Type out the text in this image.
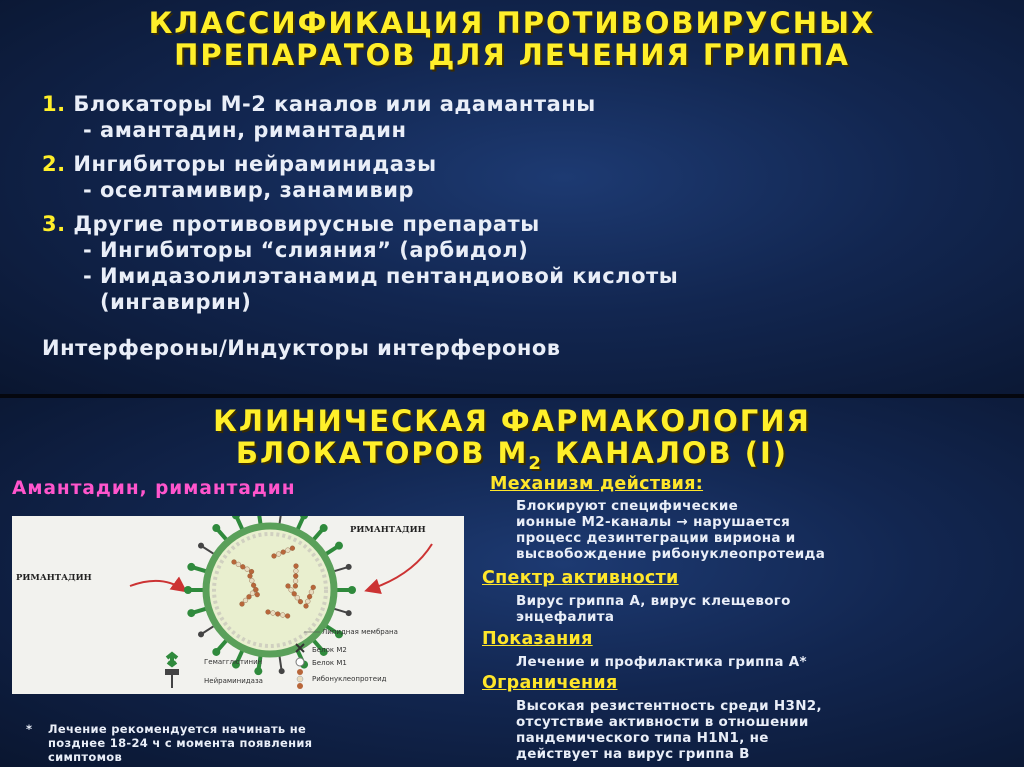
КЛАССИФИКАЦИЯ ПРОТИВОВИРУСНЫХ
ПРЕПАРАТОВ ДЛЯ ЛЕЧЕНИЯ ГРИППА
1. Блокаторы М-2 каналов или адамантаны
- амантадин, римантадин
2. Ингибиторы нейраминидазы
- оселтамивир, занамивир
3. Другие противовирусные препараты
- Ингибиторы “слияния” (арбидол)
- Имидазолилэтанамид пентандиовой кислоты
(ингавирин)
Интерфероны/Индукторы интерферонов
КЛИНИЧЕСКАЯ ФАРМАКОЛОГИЯ
БЛОКАТОРОВ $М_2$ КАНАЛОВ (I)
Амантадин, римантадин
РИМАНТАДИН
РИМАНТАДИН
Липидная мембрана
Гемагглютинин
Нейраминидаза
Белок М2
Белок М1
Рибонуклеопротеид
Механизм действия:
Блокируют специфические
ионные М2-каналы → нарушается
процесс дезинтеграции вириона и
высвобождение рибонуклеопротеида
Спектр активности
Вирус гриппа А, вирус клещевого
энцефалита
Показания
Лечение и профилактика гриппа А*
Ограничения
Высокая резистентность среди H3N2,
отсутствие активности в отношении
пандемического типа H1N1, не
действует на вирус гриппа В
* Лечение рекомендуется начинать не
позднее 18-24 ч с момента появления
симптомов
